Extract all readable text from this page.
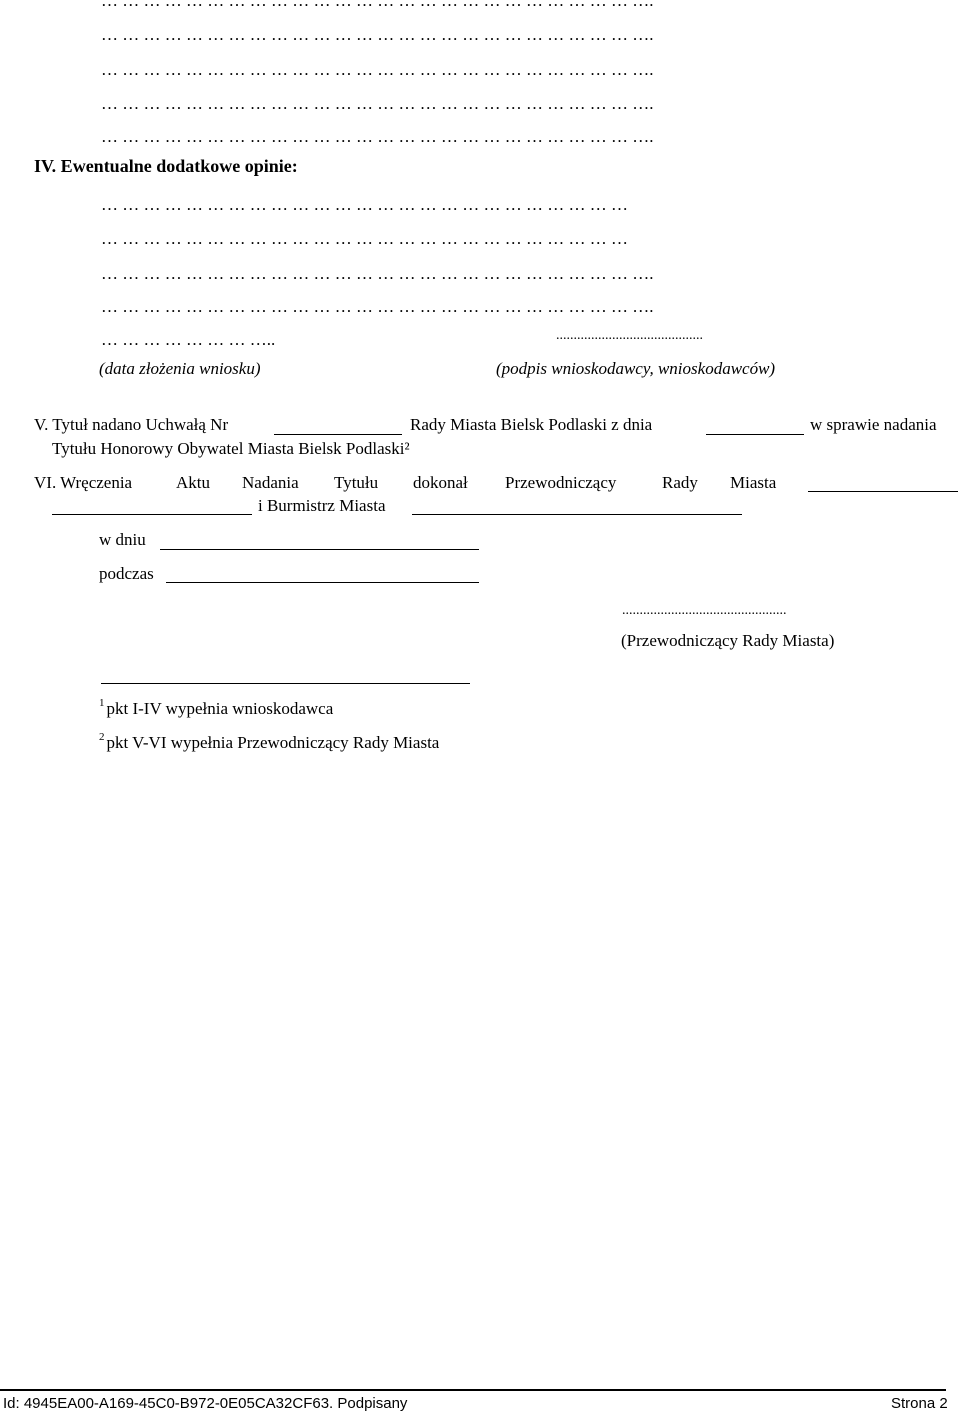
… … … … … … … … … … … … … … … … … … … … … … … … … ….
… … … … … … … … … … … … … … … … … … … … … … … … … ….
… … … … … … … … … … … … … … … … … … … … … … … … … ….
… … … … … … … … … … … … … … … … … … … … … … … … … ….
… … … … … … … … … … … … … … … … … … … … … … … … … ….
IV. Ewentualne dodatkowe opinie:
… … … … … … … … … … … … … … … … … … … … … … … … …
… … … … … … … … … … … … … … … … … … … … … … … … …
… … … … … … … … … … … … … … … … … … … … … … … … … ….
… … … … … … … … … … … … … … … … … … … … … … … … … ….
… … … … … … … …..	..........................................
(data złożenia wniosku)	(podpis wnioskodawcy, wnioskodawców)
V. Tytuł nadano Uchwałą Nr	Rady Miasta Bielsk Podlaski z dnia	w sprawie nadania
Tytułu Honorowy Obywatel Miasta Bielsk Podlaski²
VI. Wręczenia	Aktu Nadania Tytułu dokonał Przewodniczący	Rady Miasta
i Burmistrz Miasta
w dniu
podczas
...............................................
(Przewodniczący Rady Miasta)
$^1$ pkt I-IV wypełnia wnioskodawca
$^2$ pkt V-VI wypełnia Przewodniczący Rady Miasta
Id: 4945EA00-A169-45C0-B972-0E05CA32CF63. Podpisany	Strona 2
